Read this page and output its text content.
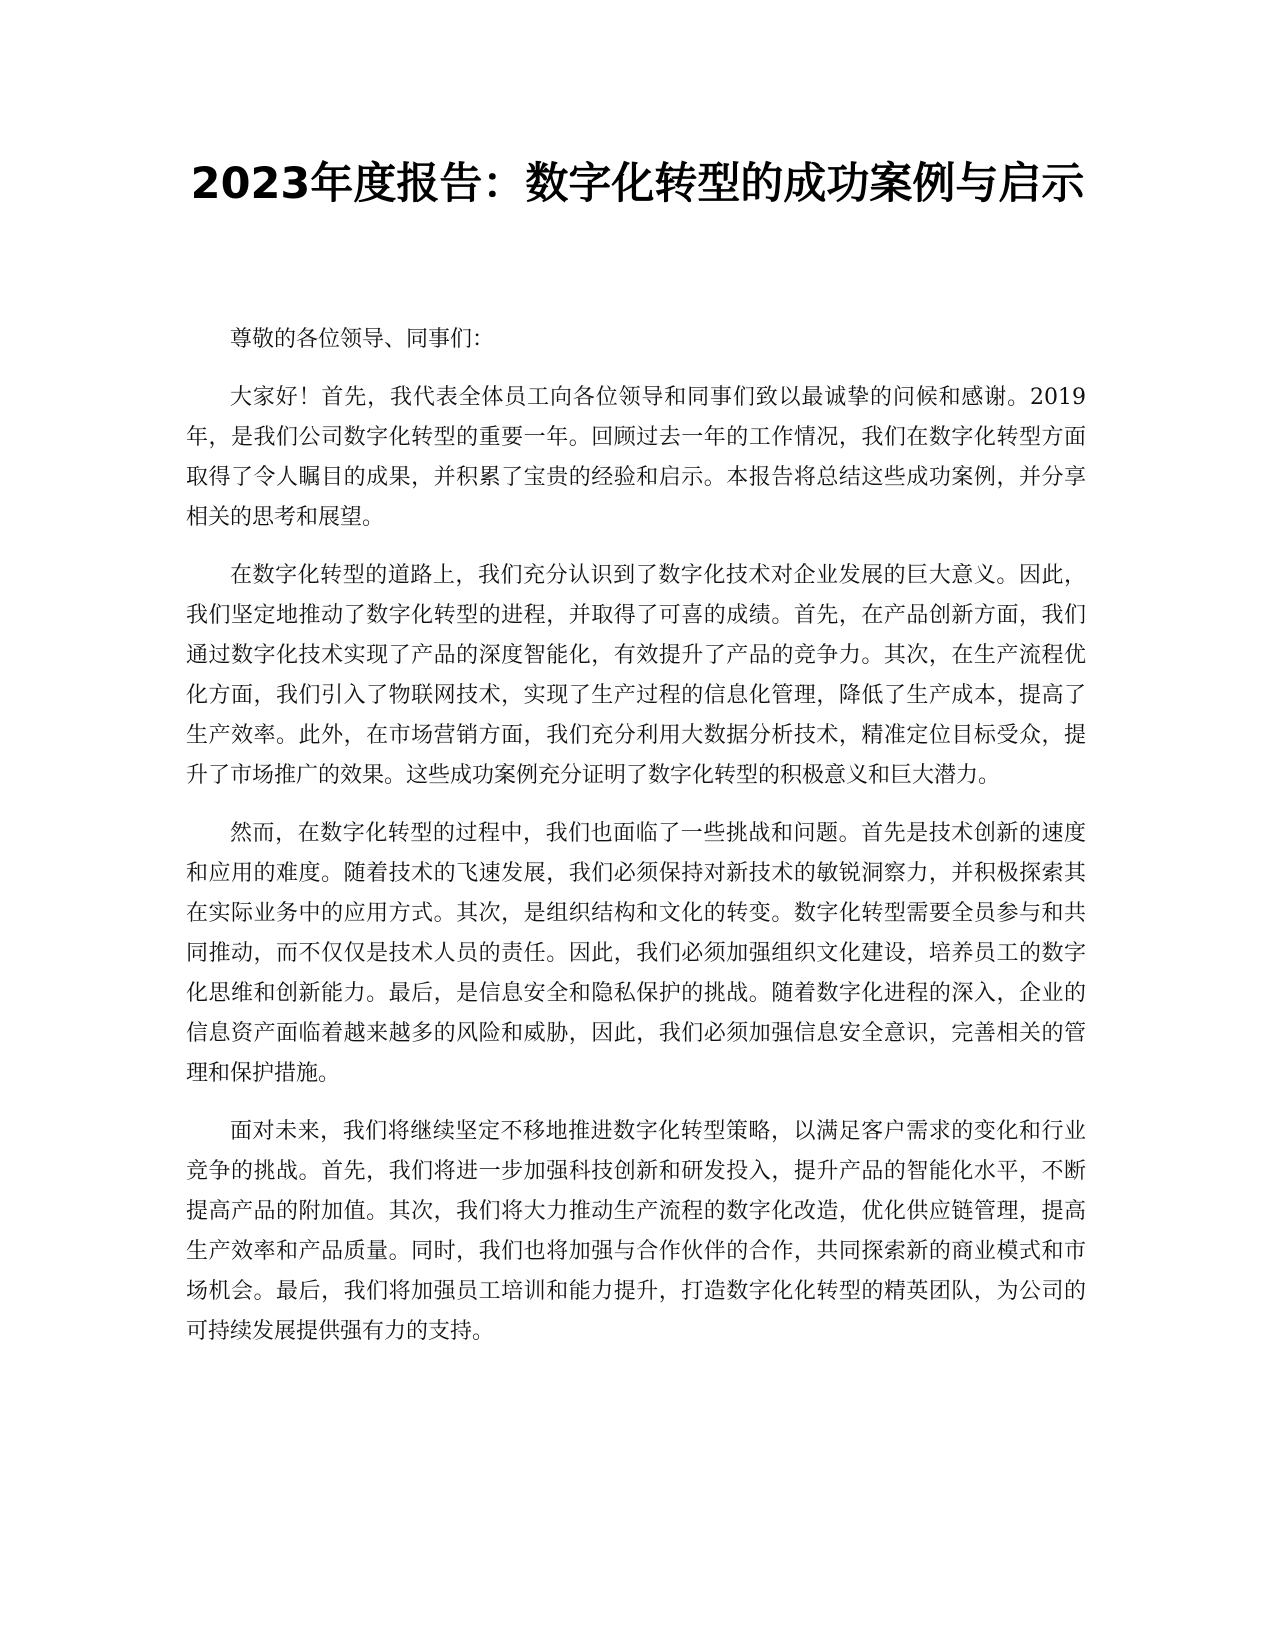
2023年度报告：数字化转型的成功案例与启示

尊敬的各位领导、同事们：

大家好！首先，我代表全体员工向各位领导和同事们致以最诚挚的问候和感谢。2019年，是我们公司数字化转型的重要一年。回顾过去一年的工作情况，我们在数字化转型方面取得了令人瞩目的成果，并积累了宝贵的经验和启示。本报告将总结这些成功案例，并分享相关的思考和展望。

在数字化转型的道路上，我们充分认识到了数字化技术对企业发展的巨大意义。因此，我们坚定地推动了数字化转型的进程，并取得了可喜的成绩。首先，在产品创新方面，我们通过数字化技术实现了产品的深度智能化，有效提升了产品的竞争力。其次，在生产流程优化方面，我们引入了物联网技术，实现了生产过程的信息化管理，降低了生产成本，提高了生产效率。此外，在市场营销方面，我们充分利用大数据分析技术，精准定位目标受众，提升了市场推广的效果。这些成功案例充分证明了数字化转型的积极意义和巨大潜力。

然而，在数字化转型的过程中，我们也面临了一些挑战和问题。首先是技术创新的速度和应用的难度。随着技术的飞速发展，我们必须保持对新技术的敏锐洞察力，并积极探索其在实际业务中的应用方式。其次，是组织结构和文化的转变。数字化转型需要全员参与和共同推动，而不仅仅是技术人员的责任。因此，我们必须加强组织文化建设，培养员工的数字化思维和创新能力。最后，是信息安全和隐私保护的挑战。随着数字化进程的深入，企业的信息资产面临着越来越多的风险和威胁，因此，我们必须加强信息安全意识，完善相关的管理和保护措施。

面对未来，我们将继续坚定不移地推进数字化转型策略，以满足客户需求的变化和行业竞争的挑战。首先，我们将进一步加强科技创新和研发投入，提升产品的智能化水平，不断提高产品的附加值。其次，我们将大力推动生产流程的数字化改造，优化供应链管理，提高生产效率和产品质量。同时，我们也将加强与合作伙伴的合作，共同探索新的商业模式和市场机会。最后，我们将加强员工培训和能力提升，打造数字化化转型的精英团队，为公司的可持续发展提供强有力的支持。
